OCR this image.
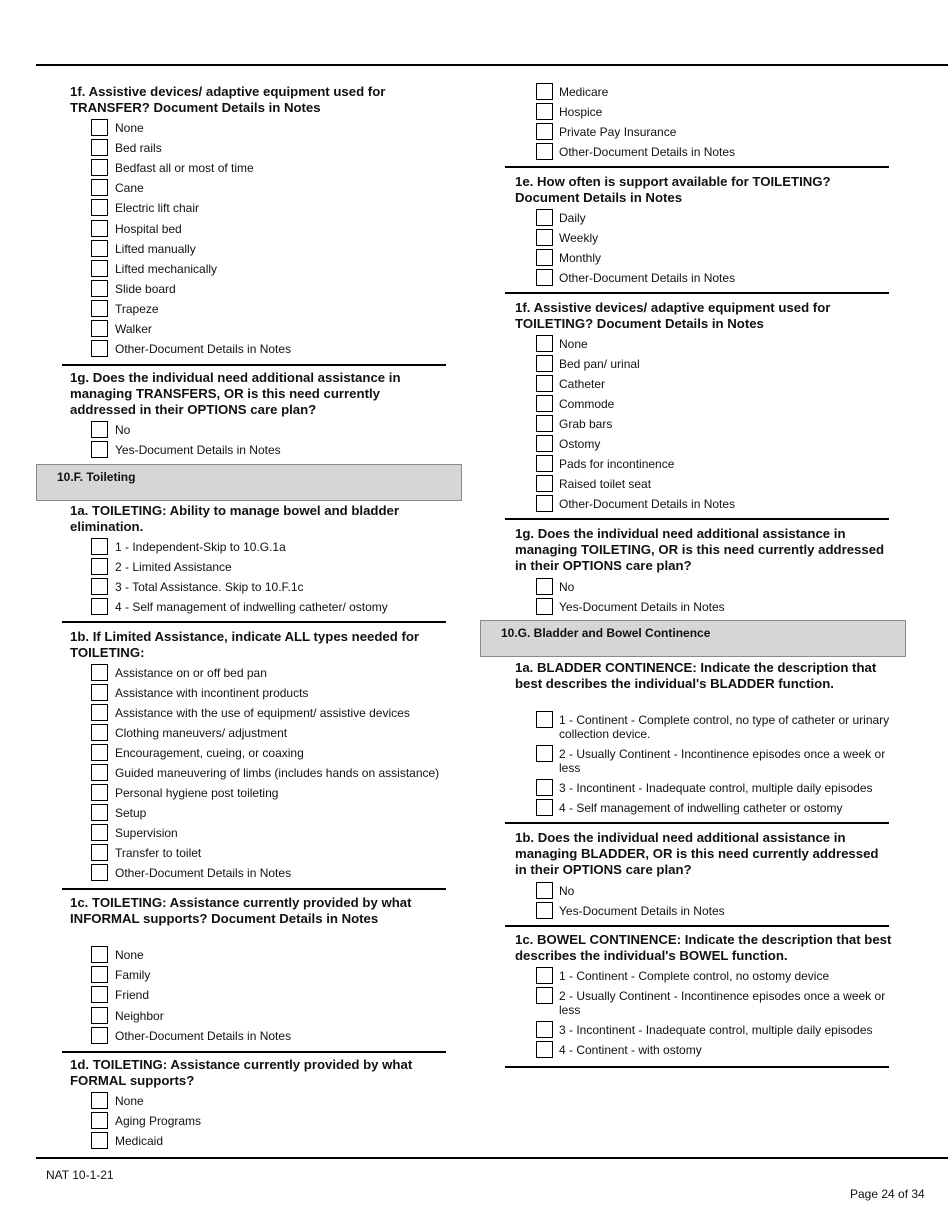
1f. Assistive devices/ adaptive equipment used for TRANSFER? Document Details in Notes
None
Bed rails
Bedfast all or most of time
Cane
Electric lift chair
Hospital bed
Lifted manually
Lifted mechanically
Slide board
Trapeze
Walker
Other-Document Details in Notes
1g. Does the individual need additional assistance in managing TRANSFERS, OR is this need currently addressed in their OPTIONS care plan?
No
Yes-Document Details in Notes
10.F. Toileting
1a. TOILETING: Ability to manage bowel and bladder elimination.
1 - Independent-Skip to 10.G.1a
2 - Limited Assistance
3 - Total Assistance. Skip to 10.F.1c
4 - Self management of indwelling catheter/ ostomy
1b. If Limited Assistance, indicate ALL types needed for TOILETING:
Assistance on or off bed pan
Assistance with incontinent products
Assistance with the use of equipment/ assistive devices
Clothing maneuvers/ adjustment
Encouragement, cueing, or coaxing
Guided maneuvering of limbs (includes hands on assistance)
Personal hygiene post toileting
Setup
Supervision
Transfer to toilet
Other-Document Details in Notes
1c. TOILETING: Assistance currently provided by what INFORMAL supports? Document Details in Notes
None
Family
Friend
Neighbor
Other-Document Details in Notes
1d. TOILETING: Assistance currently provided by what FORMAL supports?
None
Aging Programs
Medicaid
Medicare
Hospice
Private Pay Insurance
Other-Document Details in Notes
1e. How often is support available for TOILETING? Document Details in Notes
Daily
Weekly
Monthly
Other-Document Details in Notes
1f. Assistive devices/ adaptive equipment used for TOILETING? Document Details in Notes
None
Bed pan/ urinal
Catheter
Commode
Grab bars
Ostomy
Pads for incontinence
Raised toilet seat
Other-Document Details in Notes
1g. Does the individual need additional assistance in managing TOILETING, OR is this need currently addressed in their OPTIONS care plan?
No
Yes-Document Details in Notes
10.G. Bladder and Bowel Continence
1a. BLADDER CONTINENCE: Indicate the description that best describes the individual's BLADDER function.
1 - Continent - Complete control, no type of catheter or urinary collection device.
2 - Usually Continent - Incontinence episodes once a week or less
3 - Incontinent - Inadequate control, multiple daily episodes
4 - Self management of indwelling catheter or ostomy
1b. Does the individual need additional assistance in managing BLADDER, OR is this need currently addressed in their OPTIONS care plan?
No
Yes-Document Details in Notes
1c. BOWEL CONTINENCE: Indicate the description that best describes the individual's BOWEL function.
1 - Continent - Complete control, no ostomy device
2 - Usually Continent - Incontinence episodes once a week or less
3 - Incontinent - Inadequate control, multiple daily episodes
4 - Continent - with ostomy
NAT 10-1-21
Page 24 of 34
